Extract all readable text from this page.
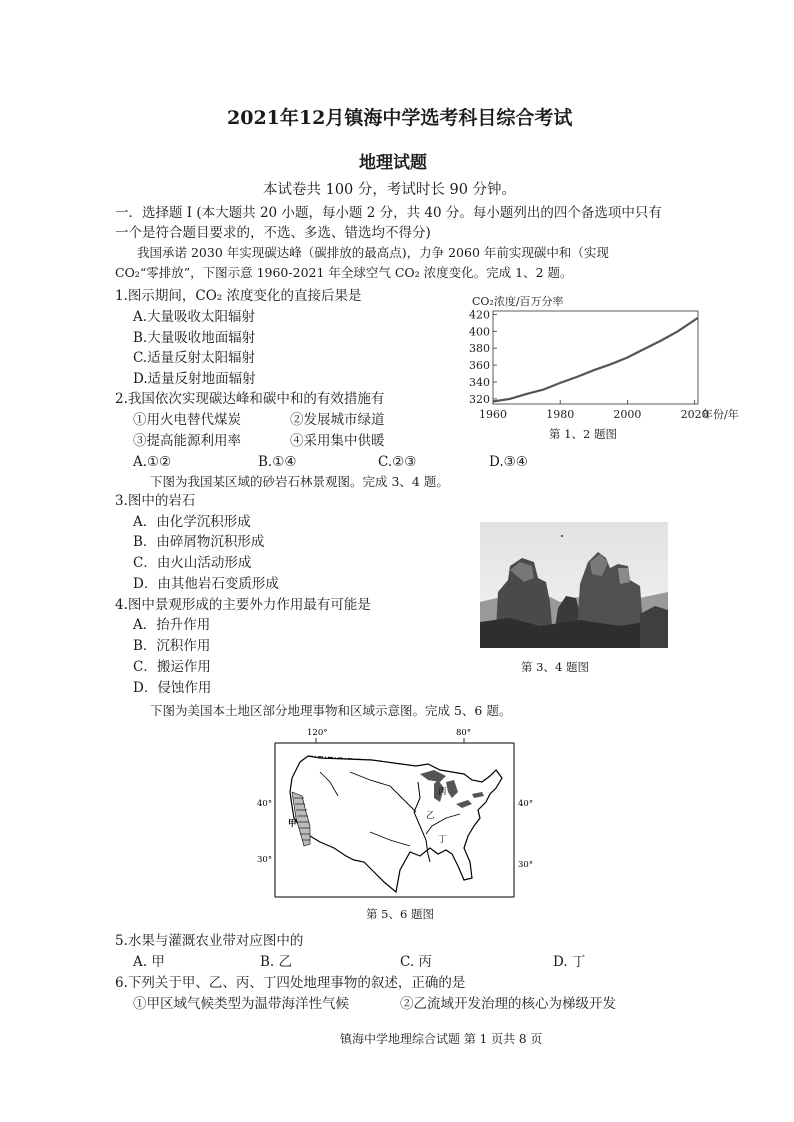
2021年12月镇海中学选考科目综合考试
地理试题
本试卷共 100 分，考试时长 90 分钟。
一．选择题 I (本大题共 20 小题，每小题 2 分，共 40 分。每小题列出的四个备选项中只有
一个是符合题目要求的，不选、多选、错选均不得分)
我国承诺 2030 年实现碳达峰（碳排放的最高点)，力争 2060 年前实现碳中和（实现
CO₂“零排放”，下图示意 1960-2021 年全球空气 CO₂ 浓度变化。完成 1、2 题。
1.图示期间，CO₂ 浓度变化的直接后果是
A.大量吸收太阳辐射
B.大量吸收地面辐射
C.适量反射太阳辐射
D.适量反射地面辐射
2.我国依次实现碳达峰和碳中和的有效措施有
①用火电替代煤炭	②发展城市绿道
③提高能源利用率	④采用集中供暖
A.①②	B.①④	C.②③	D.③④
CO₂浓度/百万分率
320
340
360
380
400
420
1960	1980	2000	2020
年份/年
第 1、2 题图
下图为我国某区域的砂岩石林景观图。完成 3、4 题。
3.图中的岩石
A．由化学沉积形成
B．由碎屑物沉积形成
C．由火山活动形成
D．由其他岩石变质形成
4.图中景观形成的主要外力作用最有可能是
A．抬升作用
B．沉积作用
C．搬运作用
D．侵蚀作用
第 3、4 题图
下图为美国本土地区部分地理事物和区域示意图。完成 5、6 题。
120°	80°
40°
30°
40°
30°
甲
乙
丙
丁
第 5、6 题图
5.水果与灌溉农业带对应图中的
A. 甲	B. 乙	C. 丙	D. 丁
6.下列关于甲、乙、丙、丁四处地理事物的叙述，正确的是
①甲区域气候类型为温带海洋性气候	②乙流域开发治理的核心为梯级开发
镇海中学地理综合试题 第 1 页共 8 页
